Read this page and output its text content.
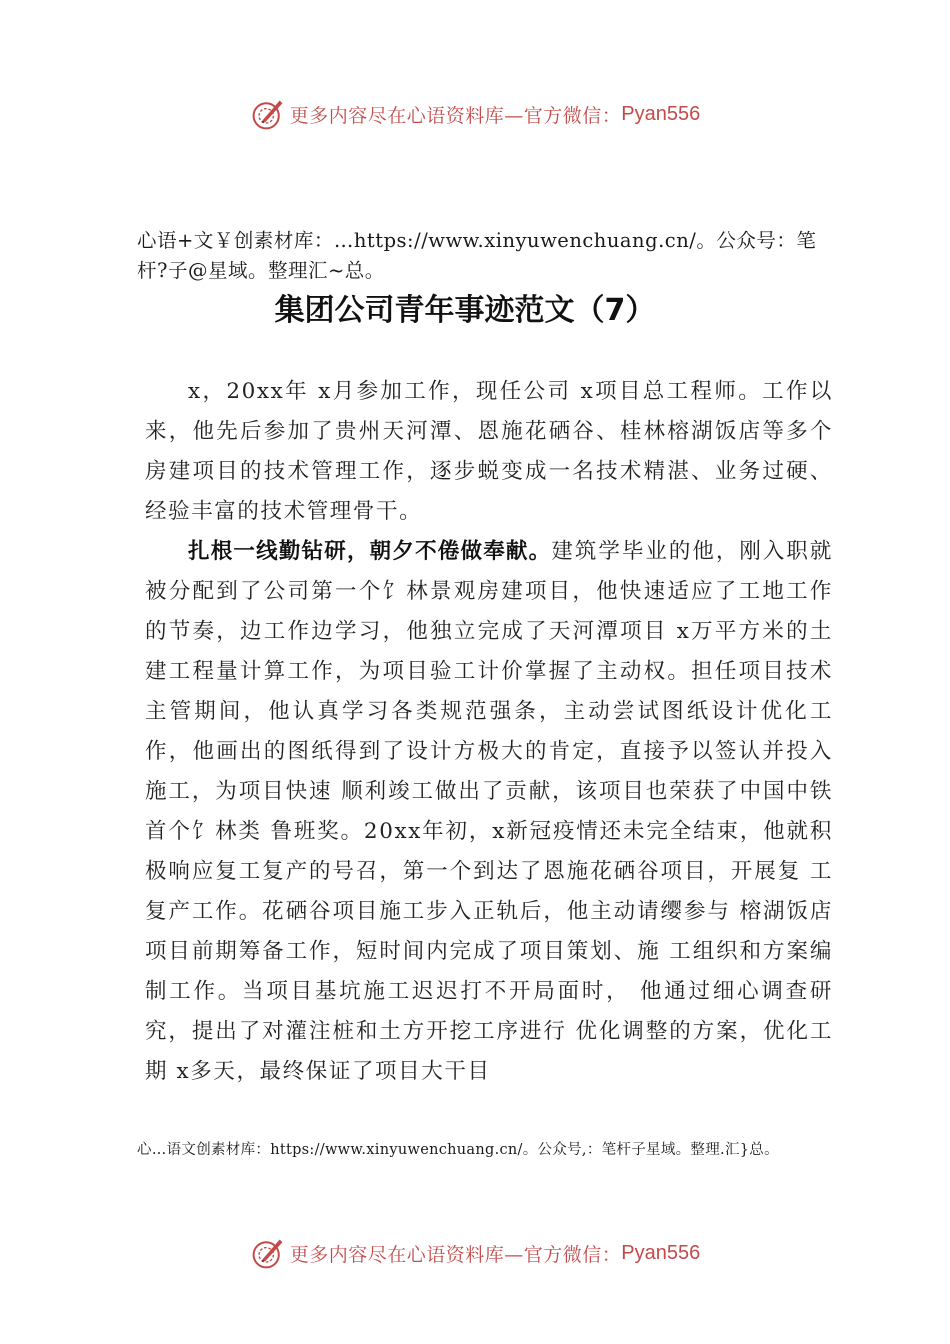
更多内容尽在心语资料库—官方微信： Pyan556
心语+文￥创素材库：…https://www.xinyuwenchuang.cn/。公众号：笔杆?子@星域。整理汇~总。
集团公司青年事迹范文（7）

x，20xx年 x月参加工作，现任公司 x项目总工程师。工作以来，他先后参加了贵州天河潭、恩施花硒谷、桂林榕湖饭店等多个房建项目的技术管理工作，逐步蜕变成一名技术精湛、业务过硬、经验丰富的技术管理骨干。

扎根一线勤钻研，朝夕不倦做奉献。建筑学毕业的他，刚入职就被分配到了公司第一个饣林景观房建项目，他快速适应了工地工作的节奏，边工作边学习，他独立完成了天河潭项目 x万平方米的土建工程量计算工作，为项目验工计价掌握了主动权。担任项目技术主管期间，他认真学习各类规范强条，主动尝试图纸设计优化工作，他画出的图纸得到了设计方极大的肯定，直接予以签认并投入施工，为项目快速 顺利竣工做出了贡献，该项目也荣获了中国中铁首个饣林类 鲁班奖。20xx年初，x新冠疫情还未完全结束，他就积极响应复工复产的号召，第一个到达了恩施花硒谷项目，开展复 工复产工作。花硒谷项目施工步入正轨后，他主动请缨参与 榕湖饭店项目前期筹备工作，短时间内完成了项目策划、施 工组织和方案编制工作。当项目基坑施工迟迟打不开局面时， 他通过细心调查研究，提出了对灌注桩和土方开挖工序进行 优化调整的方案，优化工期 x多天，最终保证了项目大干目

心…语文创素材库：https://www.xinyuwenchuang.cn/。公众号,：笔杆子星域。整理.汇}总。
更多内容尽在心语资料库—官方微信： Pyan556
